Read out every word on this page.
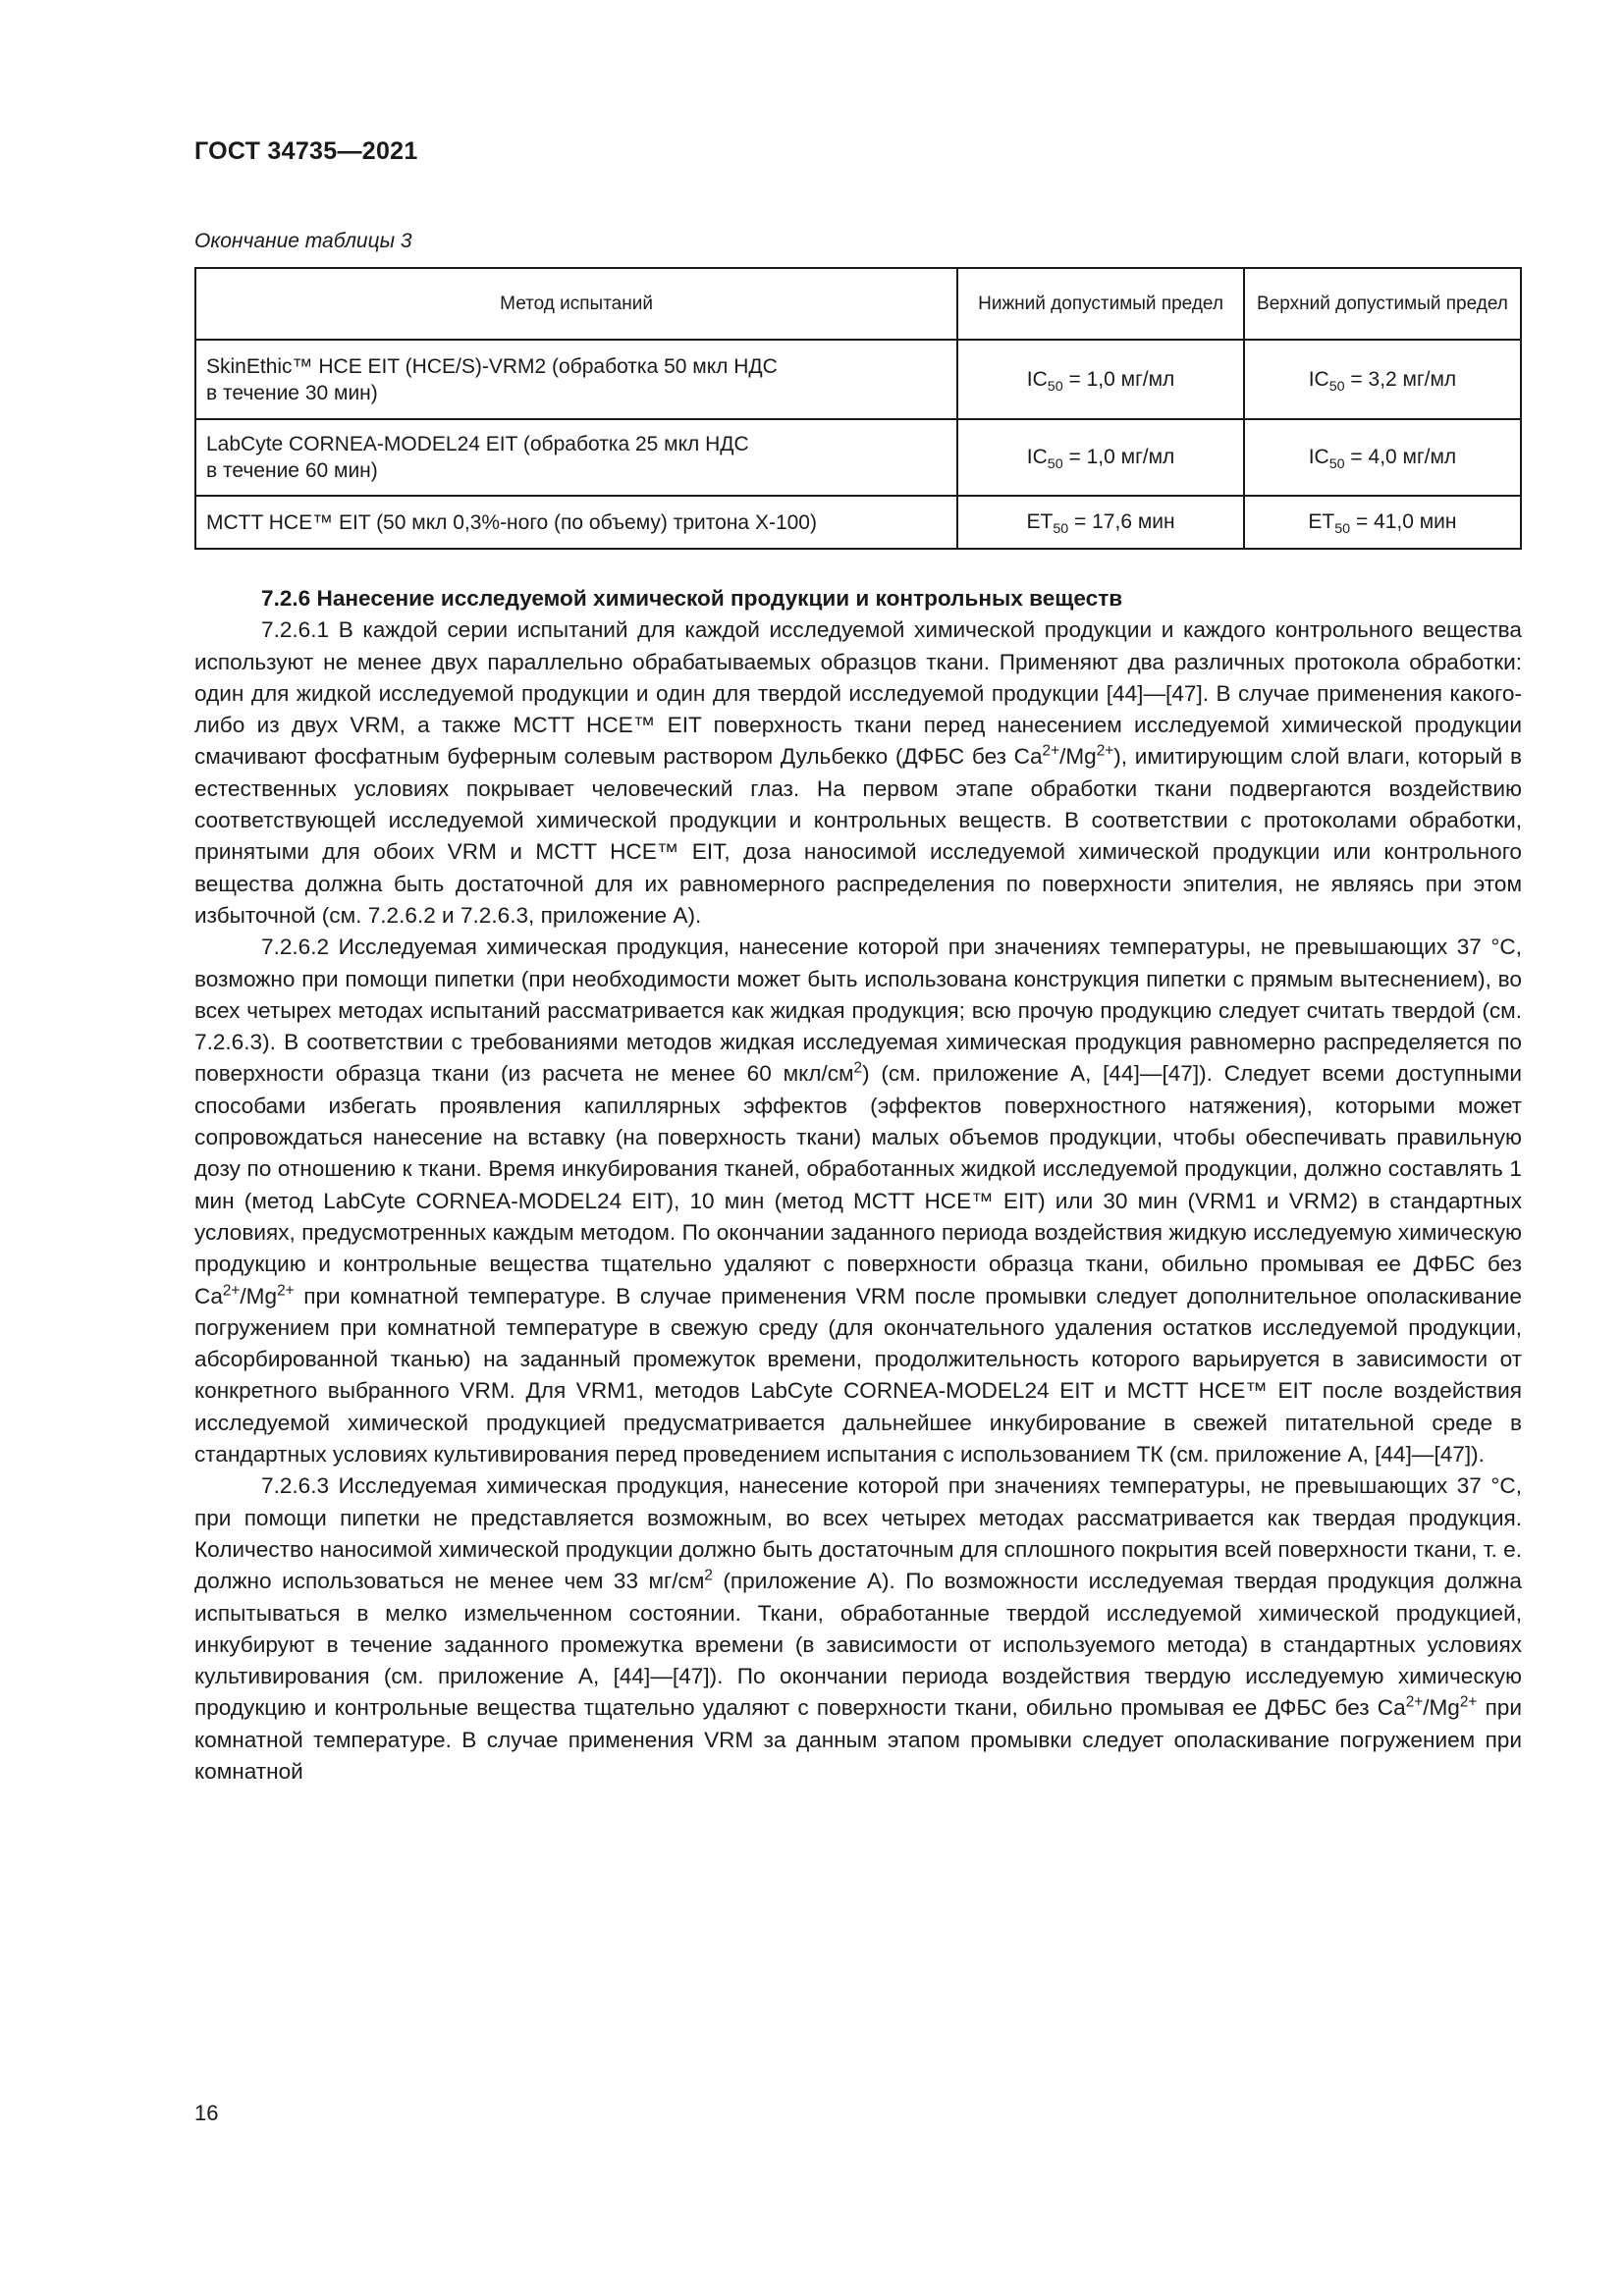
ГОСТ 34735—2021
Окончание таблицы 3
Метод испытаний	Нижний допустимый предел	Верхний допустимый предел
SkinEthic™ HCE EIT (HCE/S)-VRM2 (обработка 50 мкл НДС
в течение 30 мин)	$IC_{50} = 1,0$ мг/мл	$IC_{50} = 3,2$ мг/мл
LabCyte CORNEA-MODEL24 EIT (обработка 25 мкл НДС
в течение 60 мин)	$IC_{50} = 1,0$ мг/мл	$IC_{50} = 4,0$ мг/мл
MCTT HCE™ EIT (50 мкл 0,3%-ного (по объему) тритона X-100)	$ET_{50} = 17,6$ мин	$ET_{50} = 41,0$ мин
7.2.6 Нанесение исследуемой химической продукции и контрольных веществ

7.2.6.1 В каждой серии испытаний для каждой исследуемой химической продукции и каждого контрольного вещества используют не менее двух параллельно обрабатываемых образцов ткани. Применяют два различных протокола обработки: один для жидкой исследуемой продукции и один для твердой исследуемой продукции [44]—[47]. В случае применения какого-либо из двух VRM, а также MCTT HCE™ EIT поверхность ткани перед нанесением исследуемой химической продукции смачивают фосфатным буферным солевым раствором Дульбекко (ДФБС без $Ca^{2+}/Mg^{2+}$), имитирующим слой влаги, который в естественных условиях покрывает человеческий глаз. На первом этапе обработки ткани подвергаются воздействию соответствующей исследуемой химической продукции и контрольных веществ. В соответствии с протоколами обработки, принятыми для обоих VRM и MCTT HCE™ EIT, доза наносимой исследуемой химической продукции или контрольного вещества должна быть достаточной для их равномерного распределения по поверхности эпителия, не являясь при этом избыточной (см. 7.2.6.2 и 7.2.6.3, приложение А).

7.2.6.2 Исследуемая химическая продукция, нанесение которой при значениях температуры, не превышающих 37 °С, возможно при помощи пипетки (при необходимости может быть использована конструкция пипетки с прямым вытеснением), во всех четырех методах испытаний рассматривается как жидкая продукция; всю прочую продукцию следует считать твердой (см. 7.2.6.3). В соответствии с требованиями методов жидкая исследуемая химическая продукция равномерно распределяется по поверхности образца ткани (из расчета не менее 60 мкл/$см^2$) (см. приложение А, [44]—[47]). Следует всеми доступными способами избегать проявления капиллярных эффектов (эффектов поверхностного натяжения), которыми может сопровождаться нанесение на вставку (на поверхность ткани) малых объемов продукции, чтобы обеспечивать правильную дозу по отношению к ткани. Время инкубирования тканей, обработанных жидкой исследуемой продукции, должно составлять 1 мин (метод LabCyte CORNEA-MODEL24 EIT), 10 мин (метод MCTT HCE™ EIT) или 30 мин (VRM1 и VRM2) в стандартных условиях, предусмотренных каждым методом. По окончании заданного периода воздействия жидкую исследуемую химическую продукцию и контрольные вещества тщательно удаляют с поверхности образца ткани, обильно промывая ее ДФБС без $Ca^{2+}/Mg^{2+}$ при комнатной температуре. В случае применения VRM после промывки следует дополнительное ополаскивание погружением при комнатной температуре в свежую среду (для окончательного удаления остатков исследуемой продукции, абсорбированной тканью) на заданный промежуток времени, продолжительность которого варьируется в зависимости от конкретного выбранного VRM. Для VRM1, методов LabCyte CORNEA-MODEL24 EIT и MCTT HCE™ EIT после воздействия исследуемой химической продукцией предусматривается дальнейшее инкубирование в свежей питательной среде в стандартных условиях культивирования перед проведением испытания с использованием ТК (см. приложение А, [44]—[47]).

7.2.6.3 Исследуемая химическая продукция, нанесение которой при значениях температуры, не превышающих 37 °С, при помощи пипетки не представляется возможным, во всех четырех методах рассматривается как твердая продукция. Количество наносимой химической продукции должно быть достаточным для сплошного покрытия всей поверхности ткани, т. е. должно использоваться не менее чем 33 $мг/см^2$ (приложение А). По возможности исследуемая твердая продукция должна испытываться в мелко измельченном состоянии. Ткани, обработанные твердой исследуемой химической продукцией, инкубируют в течение заданного промежутка времени (в зависимости от используемого метода) в стандартных условиях культивирования (см. приложение А, [44]—[47]). По окончании периода воздействия твердую исследуемую химическую продукцию и контрольные вещества тщательно удаляют с поверхности ткани, обильно промывая ее ДФБС без $Ca^{2+}/Mg^{2+}$ при комнатной температуре. В случае применения VRM за данным этапом промывки следует ополаскивание погружением при комнатной

16
